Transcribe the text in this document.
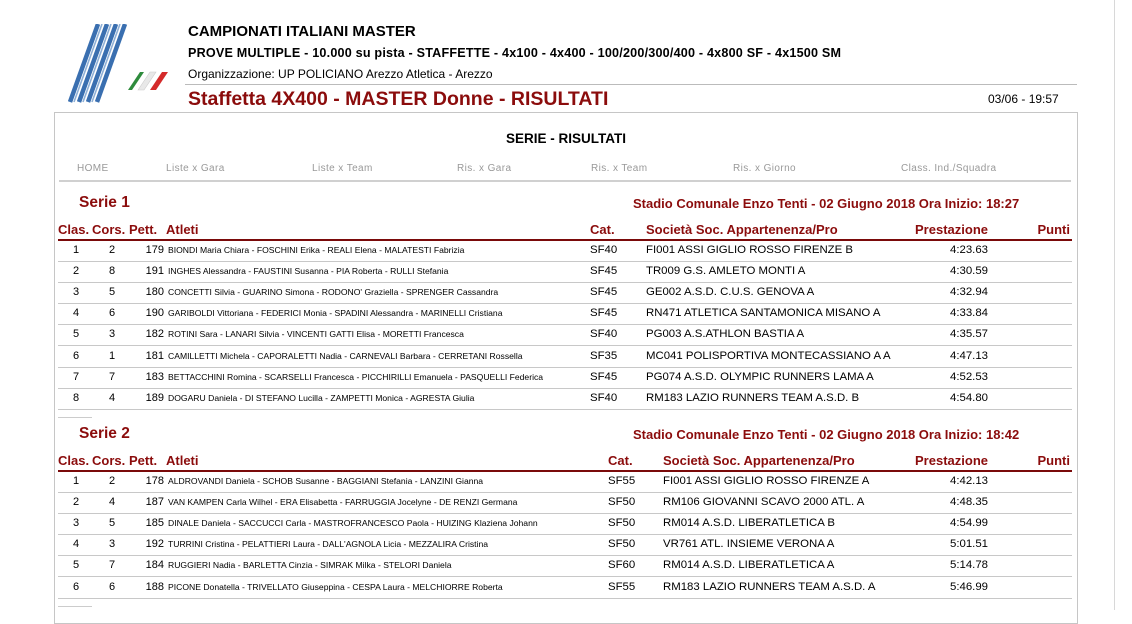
CAMPIONATI ITALIANI MASTER
PROVE MULTIPLE - 10.000 su pista - STAFFETTE - 4x100 - 4x400 - 100/200/300/400 - 4x800 SF - 4x1500 SM
Organizzazione: UP POLICIANO Arezzo Atletica - Arezzo
Staffetta 4X400 - MASTER Donne - RISULTATI	03/06 - 19:57
SERIE - RISULTATI
HOME	Liste x Gara	Liste x Team	Ris. x Gara	Ris. x Team	Ris. x Giorno	Class. Ind./Squadra
Serie 1	Stadio Comunale Enzo Tenti - 02 Giugno 2018 Ora Inizio: 18:27
Clas. Cors. Pett. Atleti	Cat. Società Soc. Appartenenza/Pro	Prestazione	Punti
1	2	179 BIONDI Maria Chiara - FOSCHINI Erika - REALI Elena - MALATESTI Fabrizia	SF40	FI001 ASSI GIGLIO ROSSO FIRENZE B	4:23.63
2	8	191 INGHES Alessandra - FAUSTINI Susanna - PIA Roberta - RULLI Stefania	SF45	TR009 G.S. AMLETO MONTI A	4:30.59
3	5	180 CONCETTI Silvia - GUARINO Simona - RODONO' Graziella - SPRENGER Cassandra	SF45	GE002 A.S.D. C.U.S. GENOVA A	4:32.94
4	6	190 GARIBOLDI Vittoriana - FEDERICI Monia - SPADINI Alessandra - MARINELLI Cristiana	SF45	RN471 ATLETICA SANTAMONICA MISANO A	4:33.84
5	3	182 ROTINI Sara - LANARI Silvia - VINCENTI GATTI Elisa - MORETTI Francesca	SF40	PG003 A.S.ATHLON BASTIA A	4:35.57
6	1	181 CAMILLETTI Michela - CAPORALETTI Nadia - CARNEVALI Barbara - CERRETANI Rossella	SF35	MC041 POLISPORTIVA MONTECASSIANO A A	4:47.13
7	7	183 BETTACCHINI Romina - SCARSELLI Francesca - PICCHIRILLI Emanuela - PASQUELLI Federica	SF45	PG074 A.S.D. OLYMPIC RUNNERS LAMA A	4:52.53
8	4	189 DOGARU Daniela - DI STEFANO Lucilla - ZAMPETTI Monica - AGRESTA Giulia	SF40	RM183 LAZIO RUNNERS TEAM A.S.D. B	4:54.80
Serie 2	Stadio Comunale Enzo Tenti - 02 Giugno 2018 Ora Inizio: 18:42
Clas. Cors. Pett. Atleti	Cat. Società Soc. Appartenenza/Pro	Prestazione	Punti
1	2	178 ALDROVANDI Daniela - SCHOB Susanne - BAGGIANI Stefania - LANZINI Gianna	SF55 FI001 ASSI GIGLIO ROSSO FIRENZE A	4:42.13
2	4	187 VAN KAMPEN Carla Wilhel - ERA Elisabetta - FARRUGGIA Jocelyne - DE RENZI Germana	SF50 RM106 GIOVANNI SCAVO 2000 ATL. A	4:48.35
3	5	185 DINALE Daniela - SACCUCCI Carla - MASTROFRANCESCO Paola - HUIZING Klaziena Johann	SF50 RM014 A.S.D. LIBERATLETICA B	4:54.99
4	3	192 TURRINI Cristina - PELATTIERI Laura - DALL'AGNOLA Licia - MEZZALIRA Cristina	SF50 VR761 ATL. INSIEME VERONA A	5:01.51
5	7	184 RUGGIERI Nadia - BARLETTA Cinzia - SIMRAK Milka - STELORI Daniela	SF60 RM014 A.S.D. LIBERATLETICA A	5:14.78
6	6	188 PICONE Donatella - TRIVELLATO Giuseppina - CESPA Laura - MELCHIORRE Roberta	SF55 RM183 LAZIO RUNNERS TEAM A.S.D. A	5:46.99
